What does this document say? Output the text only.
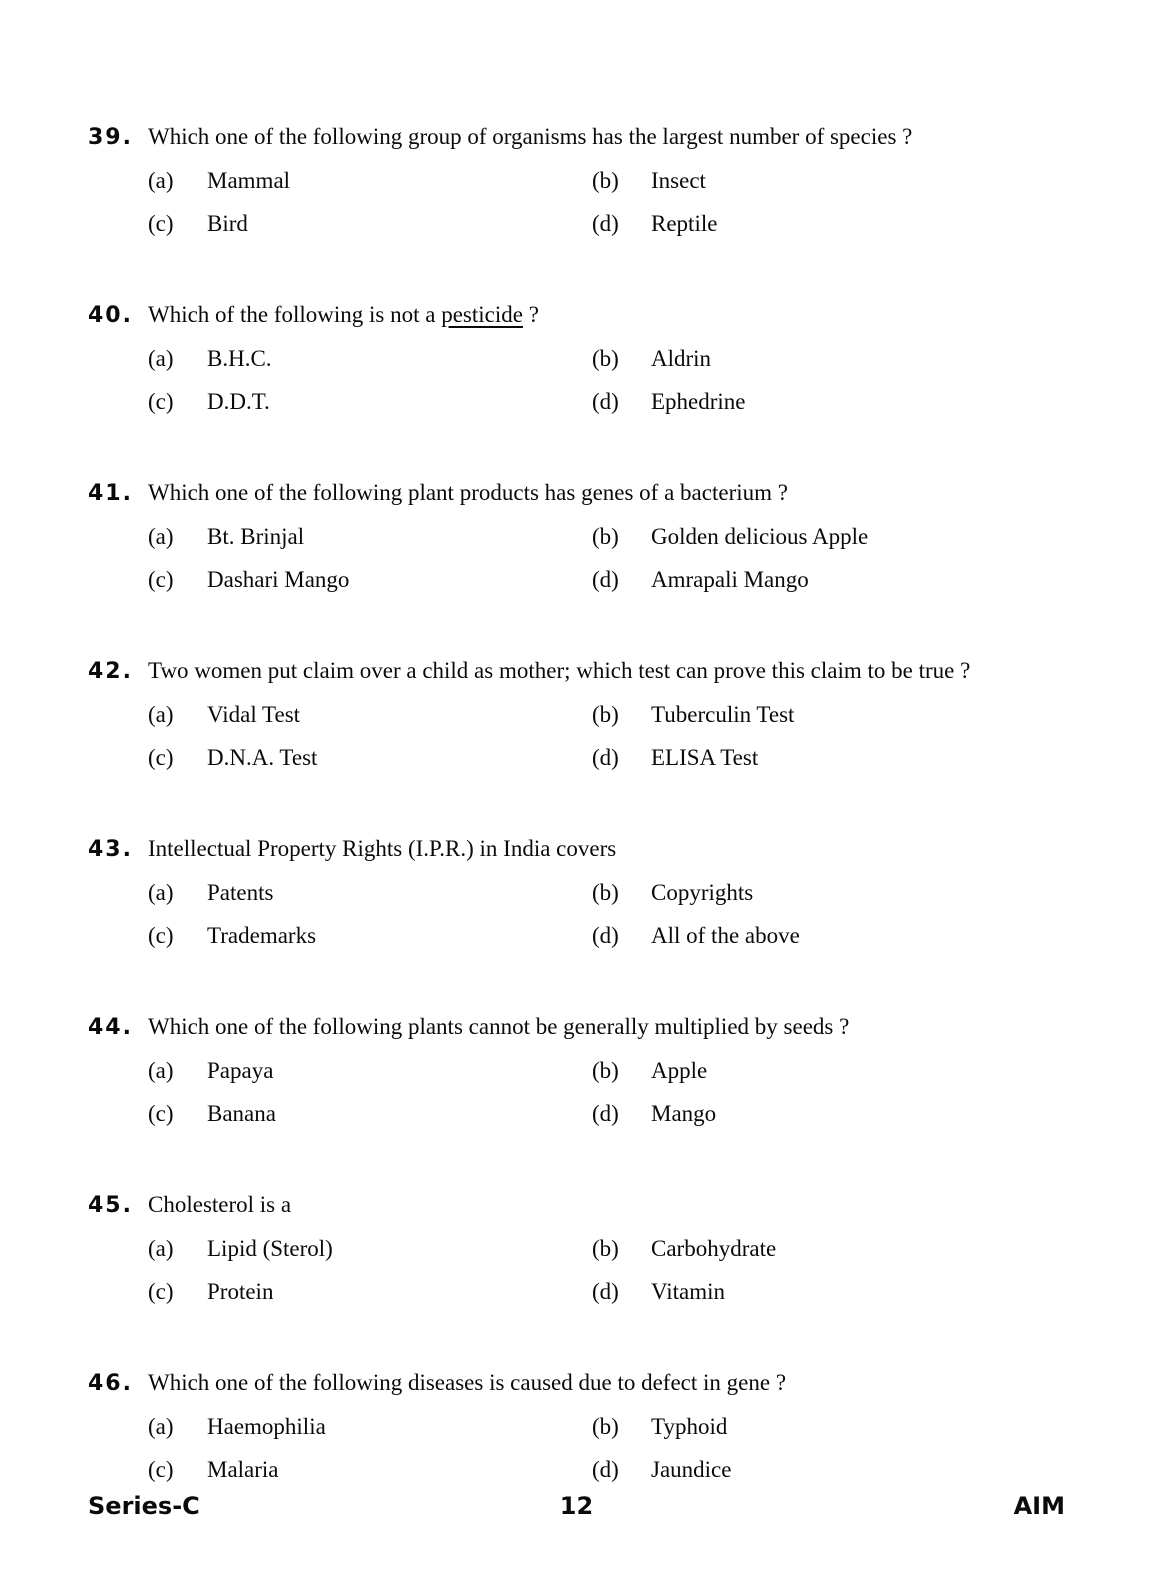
39. Which one of the following group of organisms has the largest number of species ?
(a)	Mammal	(b)	Insect
(c)	Bird	(d)	Reptile
40. Which of the following is not a pesticide ?
(a)	B.H.C.	(b)	Aldrin
(c)	D.D.T.	(d)	Ephedrine
41. Which one of the following plant products has genes of a bacterium ?
(a)	Bt. Brinjal	(b)	Golden delicious Apple
(c)	Dashari Mango	(d)	Amrapali Mango
42. Two women put claim over a child as mother; which test can prove this claim to be true ?
(a)	Vidal Test	(b)	Tuberculin Test
(c)	D.N.A. Test	(d)	ELISA Test
43. Intellectual Property Rights (I.P.R.) in India covers
(a)	Patents	(b)	Copyrights
(c)	Trademarks	(d)	All of the above
44. Which one of the following plants cannot be generally multiplied by seeds ?
(a)	Papaya	(b)	Apple
(c)	Banana	(d)	Mango
45. Cholesterol is a
(a)	Lipid (Sterol)	(b)	Carbohydrate
(c)	Protein	(d)	Vitamin
46. Which one of the following diseases is caused due to defect in gene ?
(a)	Haemophilia	(b)	Typhoid
(c)	Malaria	(d)	Jaundice
Series-C	12	AIM
